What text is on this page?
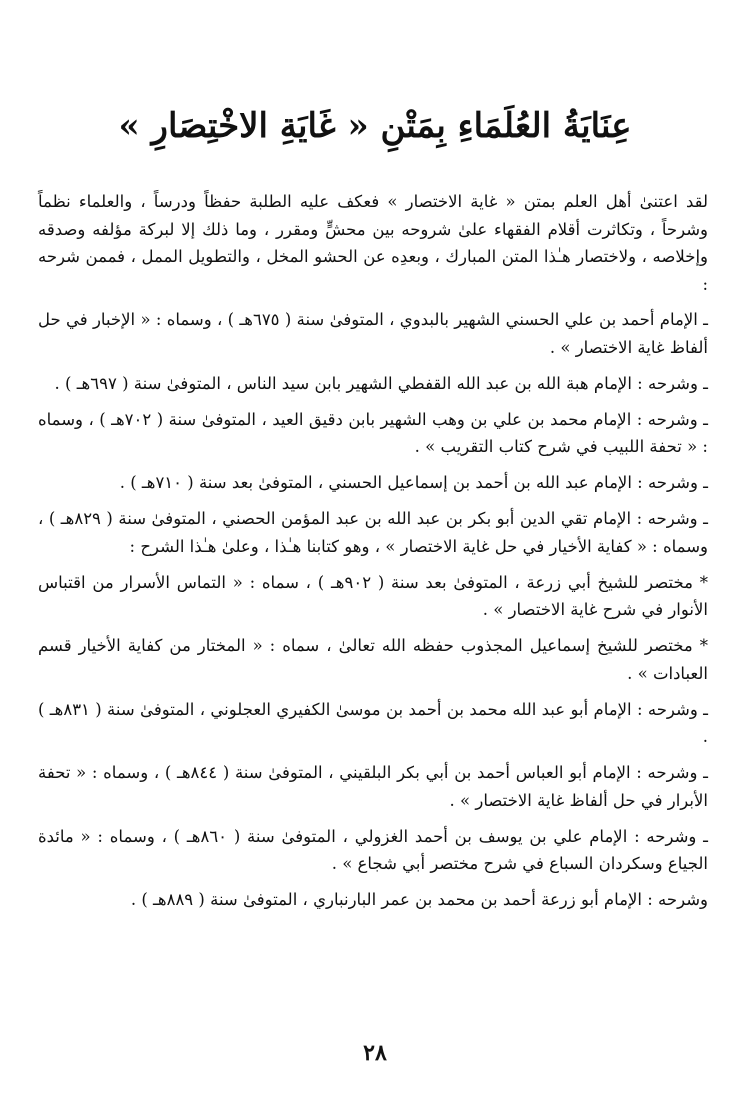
عِنَايَةُ العُلَمَاءِ بِمَتْنِ « غَايَةِ الاخْتِصَارِ »

لقد اعتنىٰ أهل العلم بمتن « غاية الاختصار » فعكف عليه الطلبة حفظاً ودرساً ، والعلماء نظماً وشرحاً ، وتكاثرت أقلام الفقهاء علىٰ شروحه بين محشٍّ ومقرر ، وما ذلك إلا لبركة مؤلفه وصدقه وإخلاصه ، ولاختصار هـٰذا المتن المبارك ، وبعدِه عن الحشو المخل ، والتطويل الممل ، فممن شرحه :

ـ الإمام أحمد بن علي الحسني الشهير بالبدوي ، المتوفىٰ سنة ( ٦٧٥هـ ) ، وسماه : « الإخبار في حل ألفاظ غاية الاختصار » .

ـ وشرحه : الإمام هبة الله بن عبد الله القفطي الشهير بابن سيد الناس ، المتوفىٰ سنة ( ٦٩٧هـ ) .

ـ وشرحه : الإمام محمد بن علي بن وهب الشهير بابن دقيق العيد ، المتوفىٰ سنة ( ٧٠٢هـ ) ، وسماه : « تحفة اللبيب في شرح كتاب التقريب » .

ـ وشرحه : الإمام عبد الله بن أحمد بن إسماعيل الحسني ، المتوفىٰ بعد سنة ( ٧١٠هـ ) .

ـ وشرحه : الإمام تقي الدين أبو بكر بن عبد الله بن عبد المؤمن الحصني ، المتوفىٰ سنة ( ٨٢٩هـ ) ، وسماه : « كفاية الأخيار في حل غاية الاختصار » ، وهو كتابنا هـٰذا ، وعلىٰ هـٰذا الشرح :

* مختصر للشيخ أبي زرعة ، المتوفىٰ بعد سنة ( ٩٠٢هـ ) ، سماه : « التماس الأسرار من اقتباس الأنوار في شرح غاية الاختصار » .

* مختصر للشيخ إسماعيل المجذوب حفظه الله تعالىٰ ، سماه : « المختار من كفاية الأخيار قسم العبادات » .

ـ وشرحه : الإمام أبو عبد الله محمد بن أحمد بن موسىٰ الكفيري العجلوني ، المتوفىٰ سنة ( ٨٣١هـ ) .

ـ وشرحه : الإمام أبو العباس أحمد بن أبي بكر البلقيني ، المتوفىٰ سنة ( ٨٤٤هـ ) ، وسماه : « تحفة الأبرار في حل ألفاظ غاية الاختصار » .

ـ وشرحه : الإمام علي بن يوسف بن أحمد الغزولي ، المتوفىٰ سنة ( ٨٦٠هـ ) ، وسماه : « مائدة الجياع وسكردان السباع في شرح مختصر أبي شجاع » .

وشرحه : الإمام أبو زرعة أحمد بن محمد بن عمر البارنباري ، المتوفىٰ سنة ( ٨٨٩هـ ) .

٢٨
